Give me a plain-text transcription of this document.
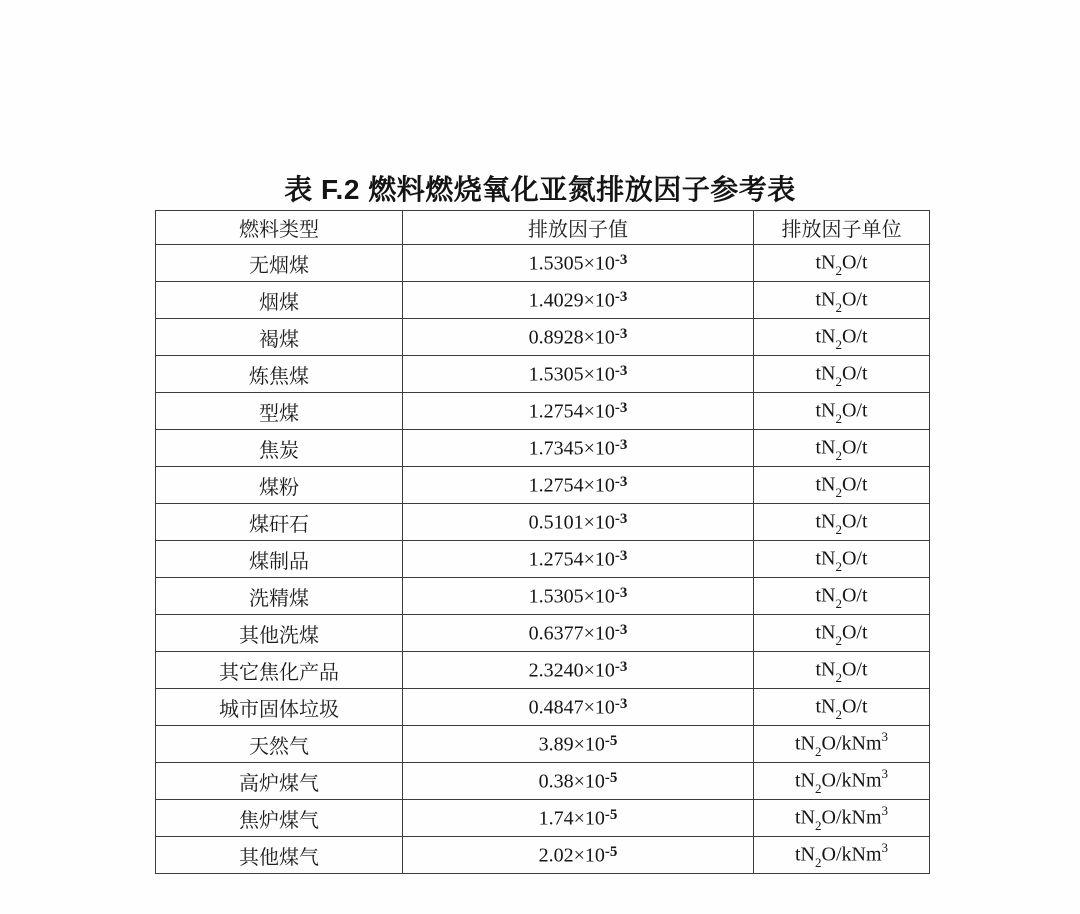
表 F.2 燃料燃烧氧化亚氮排放因子参考表
燃料类型	排放因子值	排放因子单位
无烟煤	$1.5305\times 10^{-3}$	$tN_2O/t$
烟煤	$1.4029\times 10^{-3}$	$tN_2O/t$
褐煤	$0.8928\times 10^{-3}$	$tN_2O/t$
炼焦煤	$1.5305\times 10^{-3}$	$tN_2O/t$
型煤	$1.2754\times 10^{-3}$	$tN_2O/t$
焦炭	$1.7345\times 10^{-3}$	$tN_2O/t$
煤粉	$1.2754\times 10^{-3}$	$tN_2O/t$
煤矸石	$0.5101\times 10^{-3}$	$tN_2O/t$
煤制品	$1.2754\times 10^{-3}$	$tN_2O/t$
洗精煤	$1.5305\times 10^{-3}$	$tN_2O/t$
其他洗煤	$0.6377\times 10^{-3}$	$tN_2O/t$
其它焦化产品	$2.3240\times 10^{-3}$	$tN_2O/t$
城市固体垃圾	$0.4847\times 10^{-3}$	$tN_2O/t$
天然气	$3.89\times 10^{-5}$	$tN_2O/kNm^3$
高炉煤气	$0.38\times 10^{-5}$	$tN_2O/kNm^3$
焦炉煤气	$1.74\times 10^{-5}$	$tN_2O/kNm^3$
其他煤气	$2.02\times 10^{-5}$	$tN_2O/kNm^3$
